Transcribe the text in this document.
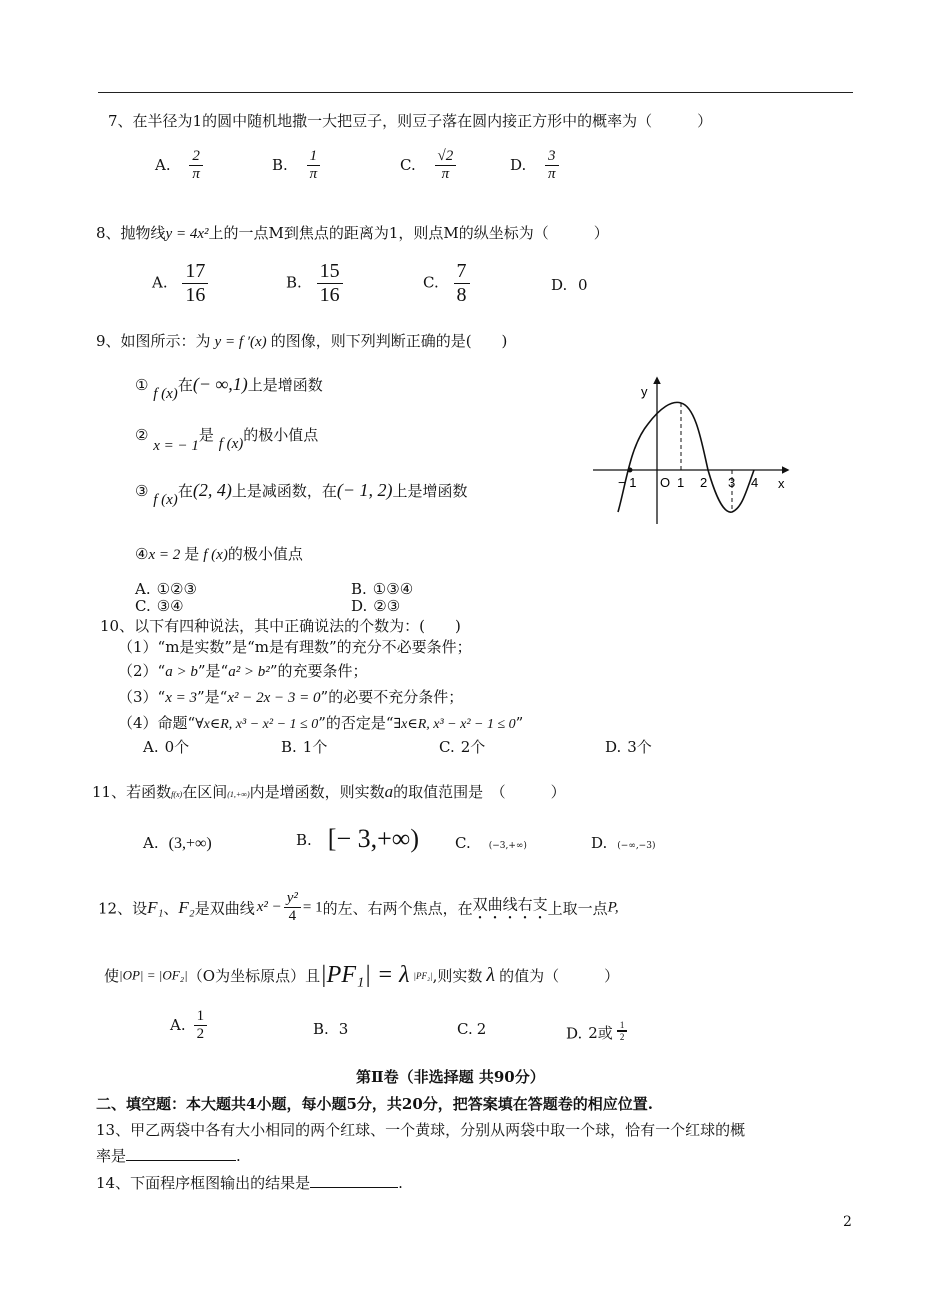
7、在半径为1的圆中随机地撒一大把豆子，则豆子落在圆内接正方形中的概率为（　　　）
A. $\frac{2}{\pi}$	B. $\frac{1}{\pi}$	C. $\frac{√2}{\pi}$	D. $\frac{3}{\pi}$
8、抛物线y = 4x²上的一点M到焦点的距离为1，则点M的纵坐标为（　　　）
A. $\frac{17}{16}$	B. $\frac{15}{16}$	C. $\frac{7}{8}$	D. 0
9、如图所示：为 y = f ′(x) 的图像，则下列判断正确的是(　　)
① f (x)在(− ∞,1)上是增函数
② x = − 1是 f (x)的极小值点
③ f (x)在(2, 4)上是减函数，在(− 1, 2)上是增函数
④x = 2 是 f (x)的极小值点
y
x
− 1 O 1 2 3 4
A. ①②③	B. ①③④
C. ③④	D. ②③
10、以下有四种说法，其中正确说法的个数为：(　　)
（1）“m是实数”是“m是有理数”的充分不必要条件；
（2）“a > b”是“a² > b²”的充要条件；
（3）“x = 3”是“x² − 2x − 3 = 0”的必要不充分条件；
（4）命题“∀x∈R, x³ − x² − 1 ≤ 0”的否定是“∃x∈R, x³ − x² − 1 ≤ 0”
A. 0个	B. 1个	C. 2个	D. 3个
11、若函数f(x)在区间(1,+∞)内是增函数，则实数a的取值范围是　（　　　）
A. (3,+∞)	B. [− 3,+∞) C. (−3,+∞)	D. (−∞,−3)
12、设F₁、F₂是双曲线 $x^2 - \frac{\text{y²}}{4} = 1$的左、右两个焦点，在双曲线右支上取一点P,
使|OP| = |OF₂|（O为坐标原点）且|PF₁| = λ |PF₂|,则实数 λ 的值为（　　　）
A. $\frac{1}{2}$	B. 3	C. 2	D. 2或 $\frac{1}{2}$
第Ⅱ卷（非选择题 共90分）
二、填空题：本大题共4小题，每小题5分，共20分，把答案填在答题卷的相应位置.
13、甲乙两袋中各有大小相同的两个红球、一个黄球，分别从两袋中取一个球，恰有一个红球的概
率是	.
14、下面程序框图输出的结果是	.
2
